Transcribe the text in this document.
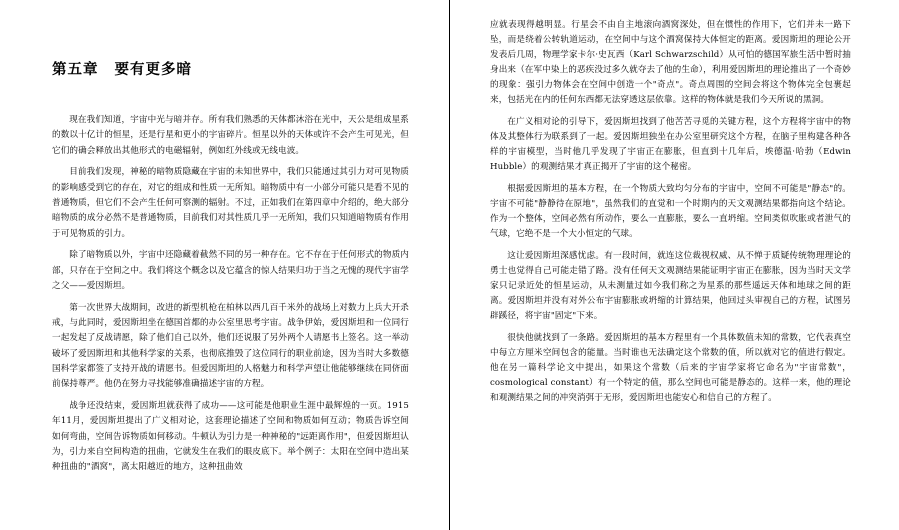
第五章 要有更多暗

现在我们知道，宇宙中光与暗并存。所有我们熟悉的天体都沐浴在光中，天公是组成星系的数以十亿计的恒星，还是行星和更小的宇宙碎片。恒星以外的天体或许不会产生可见光，但它们的确会释放出其他形式的电磁辐射，例如红外线或无线电波。

目前我们发现，神秘的暗物质隐藏在宇宙的未知世界中，我们只能通过其引力对可见物质的影响感受到它的存在，对它的组成和性质一无所知。暗物质中有一小部分可能只是看不见的普通物质，但它们不会产生任何可察测的辐射。不过，正如我们在第四章中介绍的，绝大部分暗物质的成分必然不是普通物质，目前我们对其性质几乎一无所知，我们只知道暗物质有作用于可见物质的引力。

除了暗物质以外，宇宙中还隐藏着截然不同的另一种存在。它不存在于任何形式的物质内部，只存在于空间之中。我们将这个概念以及它蕴含的惊人结果归功于当之无愧的现代宇宙学之父——爱因斯坦。

第一次世界大战期间，改进的新型机枪在柏林以西几百千米外的战场上对数力上兵大开杀戒，与此同时，爱因斯坦坐在德国首都的办公室里思考宇宙。战争伊始，爱因斯坦和一位同行一起发起了反战请愿，除了他们自己以外，他们还说服了另外两个人请愿书上签名。这一举动破坏了爱因斯坦和其他科学家的关系，也彻底推毁了这位同行的职业前途，因为当时大多数德国科学家都签了支持开战的请愿书。但爱因斯坦的人格魅力和科学声望让他能够继续在同侪面前保持尊严。他仍在努力寻找能够准确描述宇宙的方程。

战争还没结束，爱因斯坦就获得了成功——这可能是他职业生涯中最辉煌的一页。1915年11月，爱因斯坦提出了广义相对论，这套理论描述了空间和物质如何互动；物质告诉空间如何弯曲，空间告诉物质如何移动。牛顿认为引力是一种神秘的"远距离作用"，但爱因斯坦认为，引力来自空间构造的扭曲，它就发生在我们的眼皮底下。举个例子：太阳在空间中造出某种扭曲的"酒窝"，离太阳越近的地方，这种扭曲效

应就表现得越明显。行星会不由自主地滚向酒窝深处，但在惯性的作用下，它们并未一路下坠，而是绕着公转轨道运动，在空间中与这个酒窝保持大体恒定的距离。爱因斯坦的理论公开发表后几周，物理学家卡尔·史瓦西（Karl Schwarzschild）从可怕的德国军旅生活中暂时抽身出来（在军中染上的恶疾没过多久就夺去了他的生命），利用爱因斯坦的理论推出了一个奇妙的现象：强引力物体会在空间中创造一个"奇点"。奇点周围的空间会将这个物体完全包裹起来，包括光在内的任何东西都无法穿透这层依靠。这样的物体就是我们今天所说的黑洞。

在广义相对论的引导下，爱因斯坦找到了他苦苦寻觅的关键方程，这个方程将宇宙中的物体及其整体行为联系到了一起。爱因斯坦独坐在办公室里研究这个方程，在脑子里构建各种各样的宇宙模型，当时他几乎发现了宇宙正在膨胀，但直到十几年后，埃德温·哈勃（Edwin Hubble）的观测结果才真正揭开了宇宙的这个秘密。

根据爱因斯坦的基本方程，在一个物质大致均匀分布的宇宙中，空间不可能是"静态"的。宇宙不可能"静静待在原地"，虽然我们的直觉和一个时期内的天文观测结果都指向这个结论。作为一个整体，空间必然有所动作，要么一直膨胀，要么一直坍缩。空间类似吹胀或者泄气的气球，它绝不是一个大小恒定的气球。

这让爱因斯坦深感忧虑。有一段时间，就连这位裁视权威、从不惮于质疑传统物理理论的勇士也觉得自己可能走错了路。没有任何天文观测结果能证明宇宙正在膨胀，因为当时天文学家只记录近处的恒星运动，从未测量过如今我们称之为星系的那些遥远天体和地球之间的距离。爱因斯坦并没有对外公布宇宙膨胀或坍缩的计算结果，他回过头审视自己的方程，试图另辟蹊径，将宇宙"固定"下来。

很快他就找到了一条路。爱因斯坦的基本方程里有一个具体数值未知的常数，它代表真空中每立方厘米空间包含的能量。当时谁也无法确定这个常数的值，所以就对它的值进行假定。他在另一篇科学论文中提出，如果这个常数（后来的宇宙学家将它命名为"宇宙常数"，cosmological constant）有一个特定的值，那么空间也可能是静态的。这样一来，他的理论和观测结果之间的冲突消弭于无形，爱因斯坦也能安心和信自己的方程了。
